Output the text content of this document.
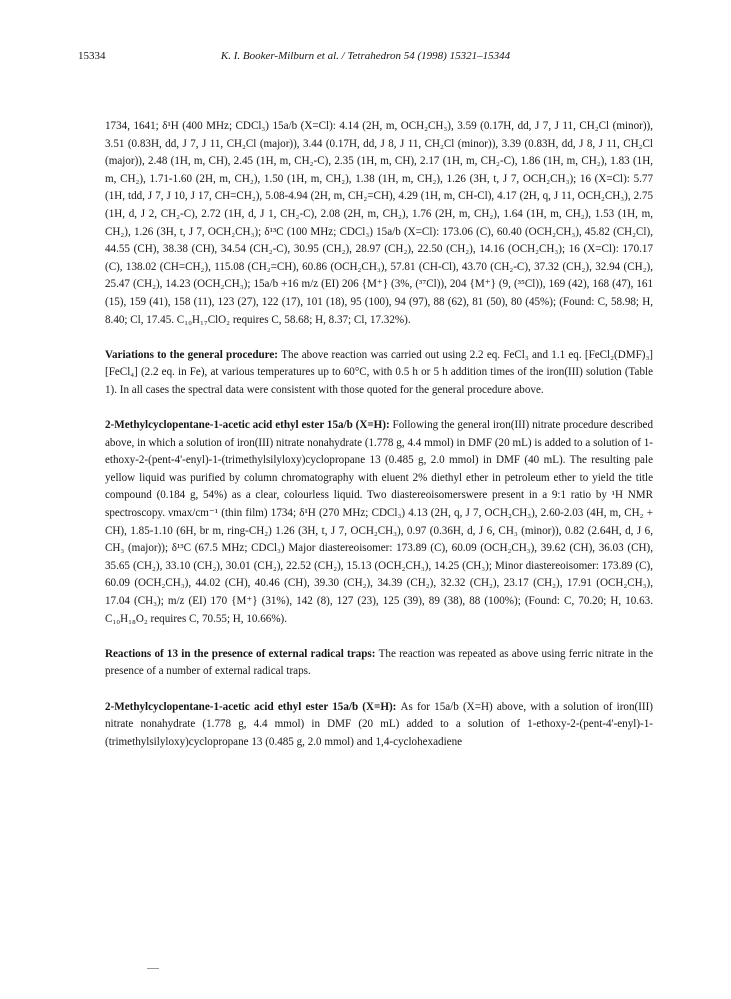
15334	K. I. Booker-Milburn et al. / Tetrahedron 54 (1998) 15321–15344

1734, 1641; δ¹H (400 MHz; CDCl₃) 15a/b (X=Cl): 4.14 (2H, m, OCH₂CH₃), 3.59 (0.17H, dd, J 7, J 11, CH₂Cl (minor)), 3.51 (0.83H, dd, J 7, J 11, CH₂Cl (major)), 3.44 (0.17H, dd, J 8, J 11, CH₂Cl (minor)), 3.39 (0.83H, dd, J 8, J 11, CH₂Cl (major)), 2.48 (1H, m, CH), 2.45 (1H, m, CH₂-C), 2.35 (1H, m, CH), 2.17 (1H, m, CH₂-C), 1.86 (1H, m, CH₂), 1.83 (1H, m, CH₂), 1.71-1.60 (2H, m, CH₂), 1.50 (1H, m, CH₂), 1.38 (1H, m, CH₂), 1.26 (3H, t, J 7, OCH₂CH₃); 16 (X=Cl): 5.77 (1H, tdd, J 7, J 10, J 17, CH=CH₂), 5.08-4.94 (2H, m, CH₂=CH), 4.29 (1H, m, CH-Cl), 4.17 (2H, q, J 11, OCH₂CH₃), 2.75 (1H, d, J 2, CH₂-C), 2.72 (1H, d, J 1, CH₂-C), 2.08 (2H, m, CH₂), 1.76 (2H, m, CH₂), 1.64 (1H, m, CH₂), 1.53 (1H, m, CH₂), 1.26 (3H, t, J 7, OCH₂CH₃); δ¹³C (100 MHz; CDCl₃) 15a/b (X=Cl): 173.06 (C), 60.40 (OCH₂CH₃), 45.82 (CH₂Cl), 44.55 (CH), 38.38 (CH), 34.54 (CH₂-C), 30.95 (CH₂), 28.97 (CH₂), 22.50 (CH₂), 14.16 (OCH₂CH₃); 16 (X=Cl): 170.17 (C), 138.02 (CH=CH₂), 115.08 (CH₂=CH), 60.86 (OCH₂CH₃), 57.81 (CH-Cl), 43.70 (CH₂-C), 37.32 (CH₂), 32.94 (CH₂), 25.47 (CH₂), 14.23 (OCH₂CH₃); 15a/b +16 m/z (EI) 206 {M⁺} (3%, (³⁷Cl)), 204 {M⁺} (9, (³⁵Cl)), 169 (42), 168 (47), 161 (15), 159 (41), 158 (11), 123 (27), 122 (17), 101 (18), 95 (100), 94 (97), 88 (62), 81 (50), 80 (45%); (Found: C, 58.98; H, 8.40; Cl, 17.45. C₁₀H₁₇ClO₂ requires C, 58.68; H, 8.37; Cl, 17.32%).

Variations to the general procedure: The above reaction was carried out using 2.2 eq. FeCl₃ and 1.1 eq. [FeCl₂(DMF)₃][FeCl₄] (2.2 eq. in Fe), at various temperatures up to 60°C, with 0.5 h or 5 h addition times of the iron(III) solution (Table 1). In all cases the spectral data were consistent with those quoted for the general procedure above.

2-Methylcyclopentane-1-acetic acid ethyl ester 15a/b (X=H): Following the general iron(III) nitrate procedure described above, in which a solution of iron(III) nitrate nonahydrate (1.778 g, 4.4 mmol) in DMF (20 mL) is added to a solution of 1-ethoxy-2-(pent-4'-enyl)-1-(trimethylsilyloxy)cyclopropane 13 (0.485 g, 2.0 mmol) in DMF (40 mL). The resulting pale yellow liquid was purified by column chromatography with eluent 2% diethyl ether in petroleum ether to yield the title compound (0.184 g, 54%) as a clear, colourless liquid. Two diastereoisomerswere present in a 9:1 ratio by ¹H NMR spectroscopy. νmax/cm⁻¹ (thin film) 1734; δ¹H (270 MHz; CDCl₃) 4.13 (2H, q, J 7, OCH₂CH₃), 2.60-2.03 (4H, m, CH₂ + CH), 1.85-1.10 (6H, br m, ring-CH₂) 1.26 (3H, t, J 7, OCH₂CH₃), 0.97 (0.36H, d, J 6, CH₃ (minor)), 0.82 (2.64H, d, J 6, CH₃ (major)); δ¹³C (67.5 MHz; CDCl₃) Major diastereoisomer: 173.89 (C), 60.09 (OCH₂CH₃), 39.62 (CH), 36.03 (CH), 35.65 (CH₂), 33.10 (CH₂), 30.01 (CH₂), 22.52 (CH₂), 15.13 (OCH₂CH₃), 14.25 (CH₃); Minor diastereoisomer: 173.89 (C), 60.09 (OCH₂CH₃), 44.02 (CH), 40.46 (CH), 39.30 (CH₂), 34.39 (CH₂), 32.32 (CH₂), 23.17 (CH₂), 17.91 (OCH₂CH₃), 17.04 (CH₃); m/z (EI) 170 {M⁺} (31%), 142 (8), 127 (23), 125 (39), 89 (38), 88 (100%); (Found: C, 70.20; H, 10.63. C₁₀H₁₈O₂ requires C, 70.55; H, 10.66%).

Reactions of 13 in the presence of external radical traps: The reaction was repeated as above using ferric nitrate in the presence of a number of external radical traps.

2-Methylcyclopentane-1-acetic acid ethyl ester 15a/b (X=H): As for 15a/b (X=H) above, with a solution of iron(III) nitrate nonahydrate (1.778 g, 4.4 mmol) in DMF (20 mL) added to a solution of 1-ethoxy-2-(pent-4'-enyl)-1-(trimethylsilyloxy)cyclopropane 13 (0.485 g, 2.0 mmol) and 1,4-cyclohexadiene
